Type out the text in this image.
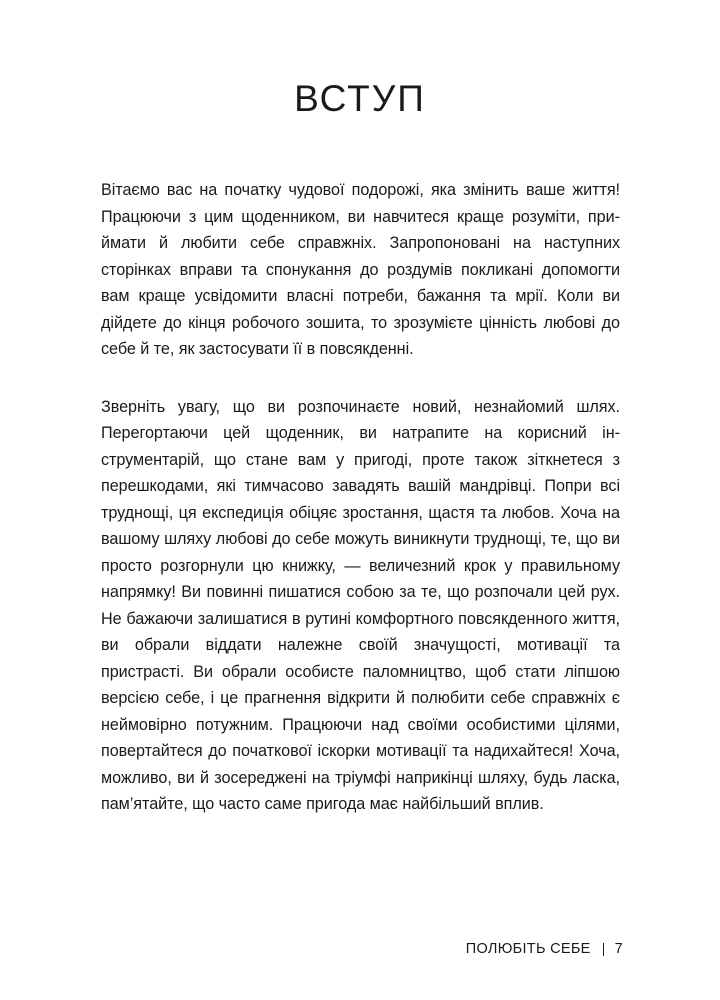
ВСТУП

Вітаємо вас на початку чудової подорожі, яка змінить ваше життя! Працюючи з цим щоденником, ви навчитеся краще розуміти, приймати й любити себе справжніх. Запропоновані на наступних сторінках вправи та спонукання до роздумів покликані допомогти вам краще усвідомити власні потреби, бажання та мрії. Коли ви дійдете до кінця робочого зошита, то зрозумієте цінність любові до себе й те, як застосувати її в повсякденні.

Зверніть увагу, що ви розпочинаєте новий, незнайомий шлях. Перегортаючи цей щоденник, ви натрапите на корисний інструментарій, що стане вам у пригоді, проте також зіткнетеся з перешкодами, які тимчасово завадять вашій мандрівці. Попри всі труднощі, ця експедиція обіцяє зростання, щастя та любов. Хоча на вашому шляху любові до себе можуть виникнути труднощі, те, що ви просто розгорнули цю книжку, — величезний крок у правильному напрямку! Ви повинні пишатися собою за те, що розпочали цей рух. Не бажаючи залишатися в рутині комфортного повсякденного життя, ви обрали віддати належне своїй значущості, мотивації та пристрасті. Ви обрали особисте паломництво, щоб стати ліпшою версією себе, і це прагнення відкрити й полюбити себе справжніх є неймовірно потужним. Працюючи над своїми особистими цілями, повертайтеся до початкової іскорки мотивації та надихайтеся! Хоча, можливо, ви й зосереджені на тріумфі наприкінці шляху, будь ласка, пам’ятайте, що часто саме пригода має найбільший вплив.

ПОЛЮБІТЬ СЕБЕ 7
